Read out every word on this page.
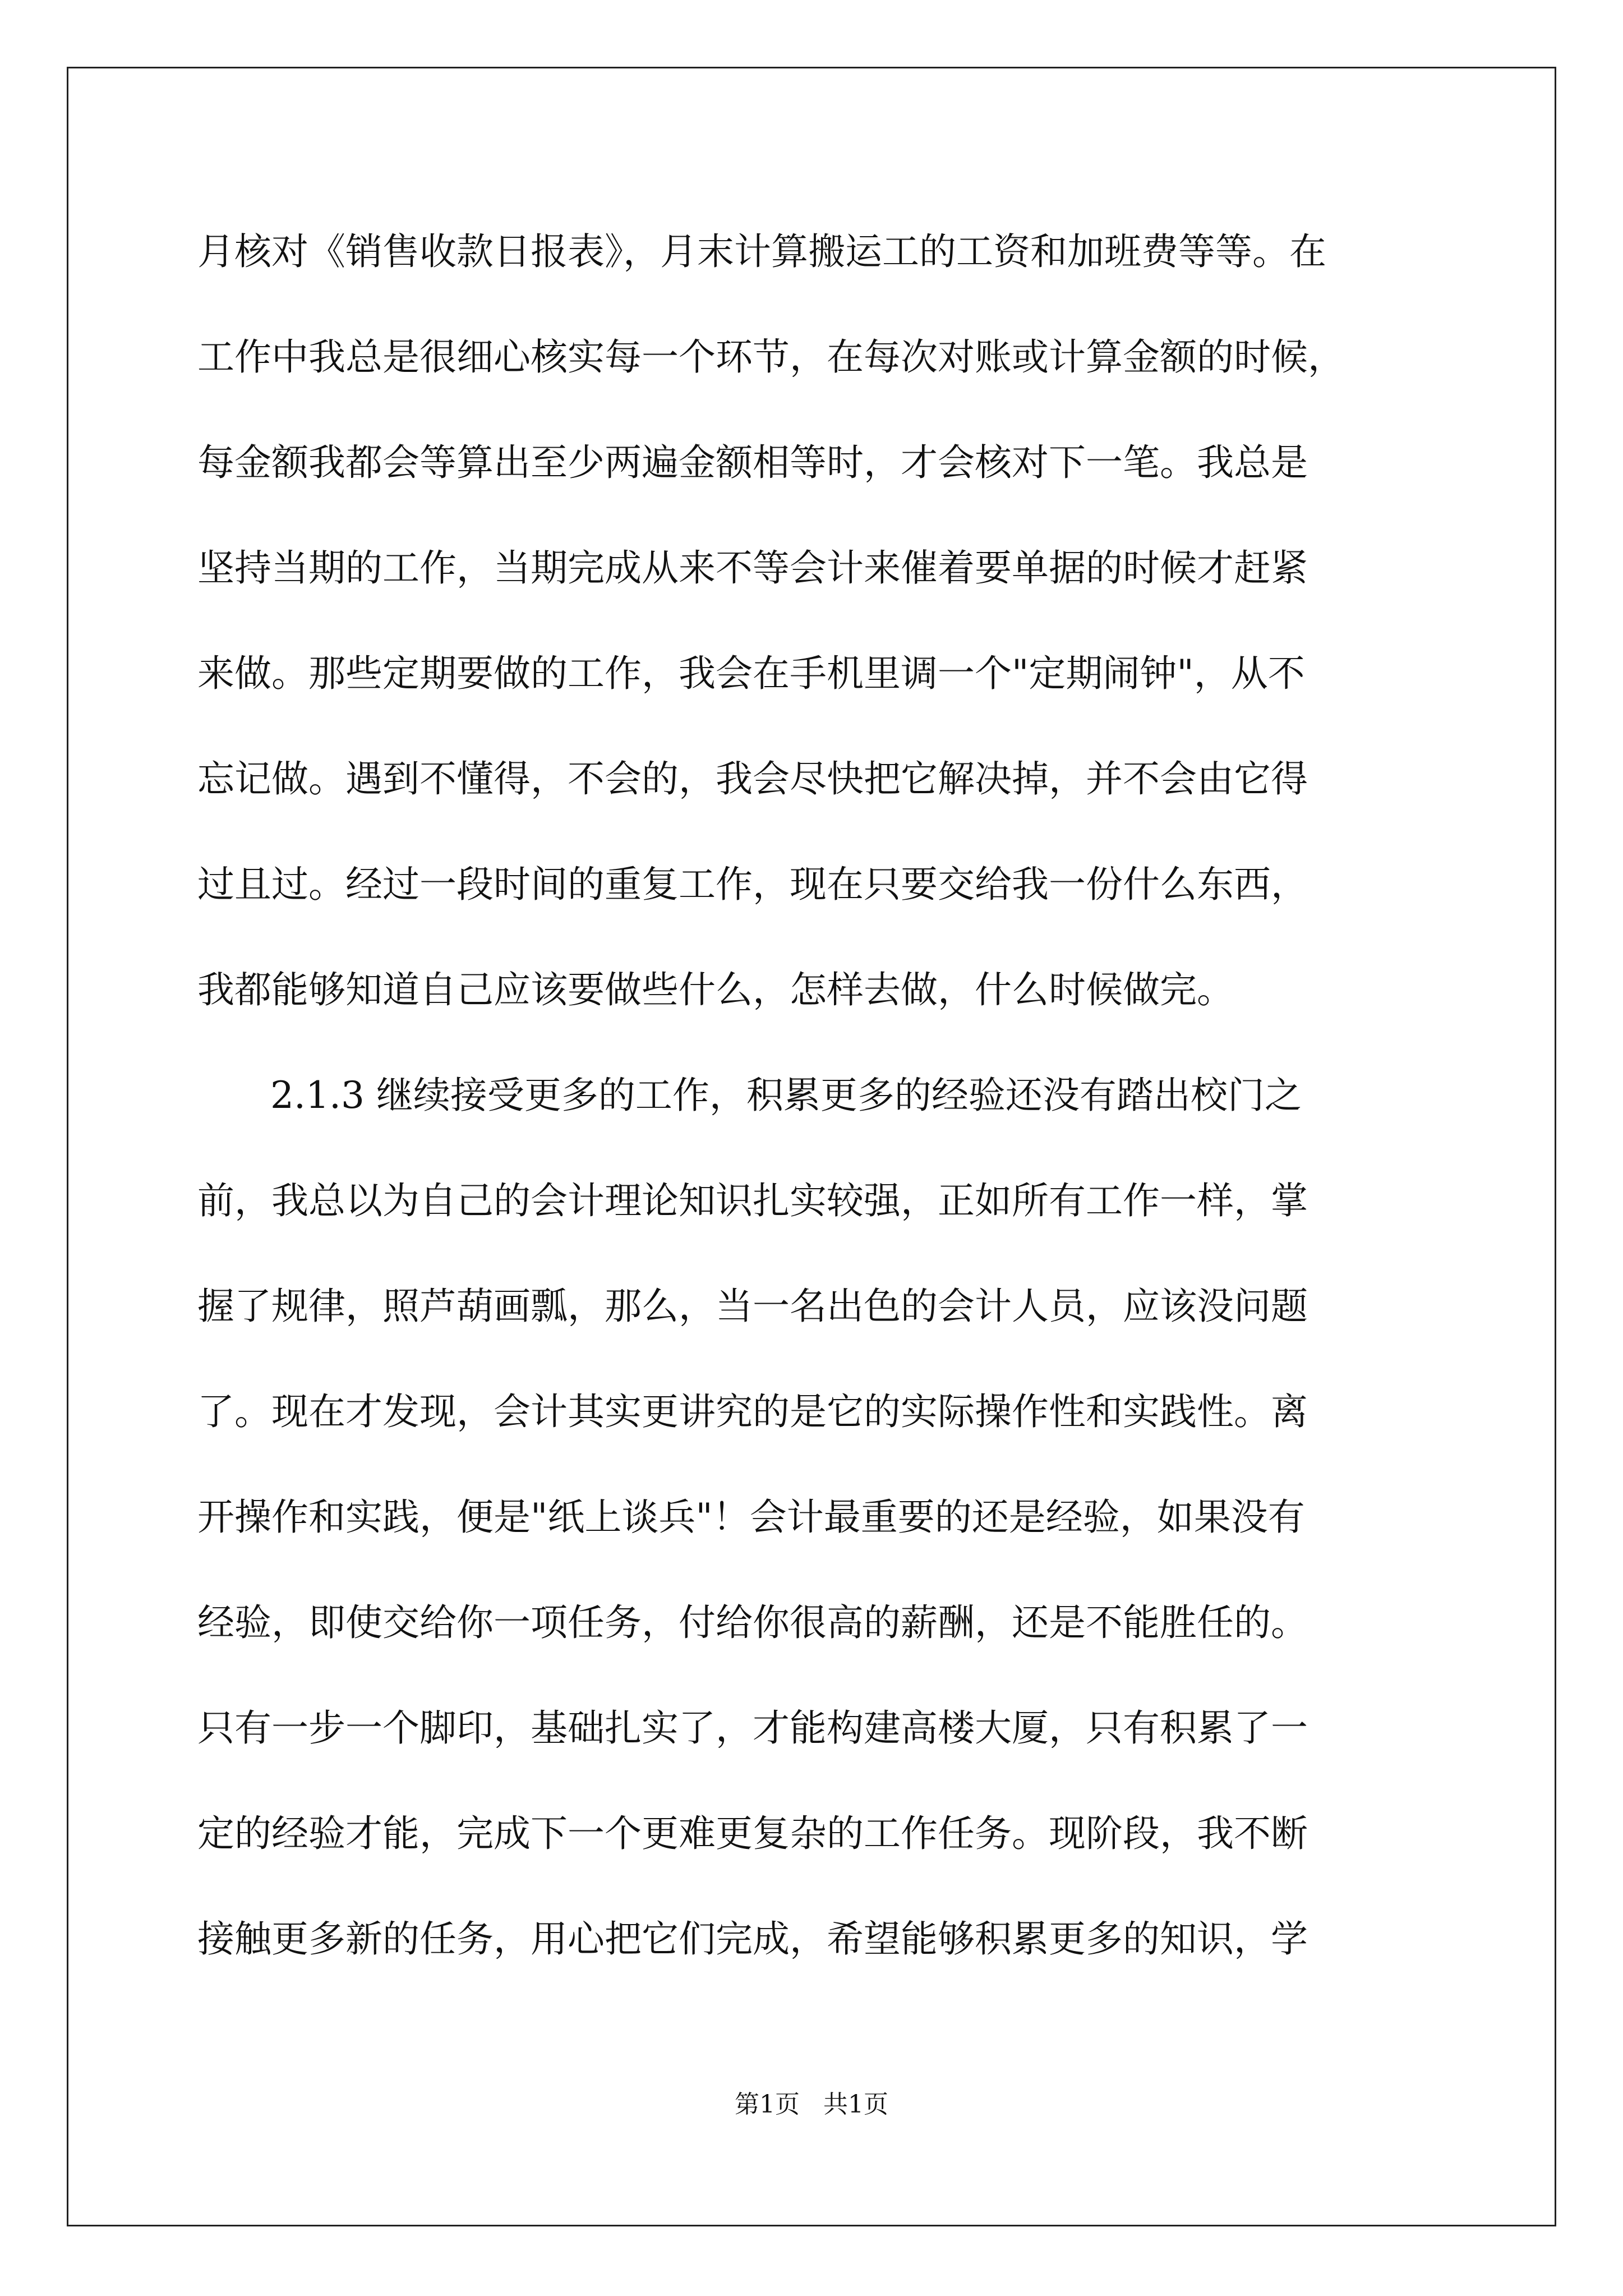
月核对《销售收款日报表》，月末计算搬运工的工资和加班费等等。在
工作中我总是很细心核实每一个环节，在每次对账或计算金额的时候，
每金额我都会等算出至少两遍金额相等时，才会核对下一笔。我总是
坚持当期的工作，当期完成从来不等会计来催着要单据的时候才赶紧
来做。那些定期要做的工作，我会在手机里调一个"定期闹钟"，从不
忘记做。遇到不懂得，不会的，我会尽快把它解决掉，并不会由它得
过且过。经过一段时间的重复工作，现在只要交给我一份什么东西，
我都能够知道自己应该要做些什么，怎样去做，什么时候做完。
2.1.3 继续接受更多的工作，积累更多的经验还没有踏出校门之
前，我总以为自己的会计理论知识扎实较强，正如所有工作一样，掌
握了规律，照芦葫画瓢，那么，当一名出色的会计人员，应该没问题
了。现在才发现，会计其实更讲究的是它的实际操作性和实践性。离
开操作和实践，便是"纸上谈兵"！会计最重要的还是经验，如果没有
经验，即使交给你一项任务，付给你很高的薪酬，还是不能胜任的。
只有一步一个脚印，基础扎实了，才能构建高楼大厦，只有积累了一
定的经验才能，完成下一个更难更复杂的工作任务。现阶段，我不断
接触更多新的任务，用心把它们完成，希望能够积累更多的知识，学
第1页   共1页
